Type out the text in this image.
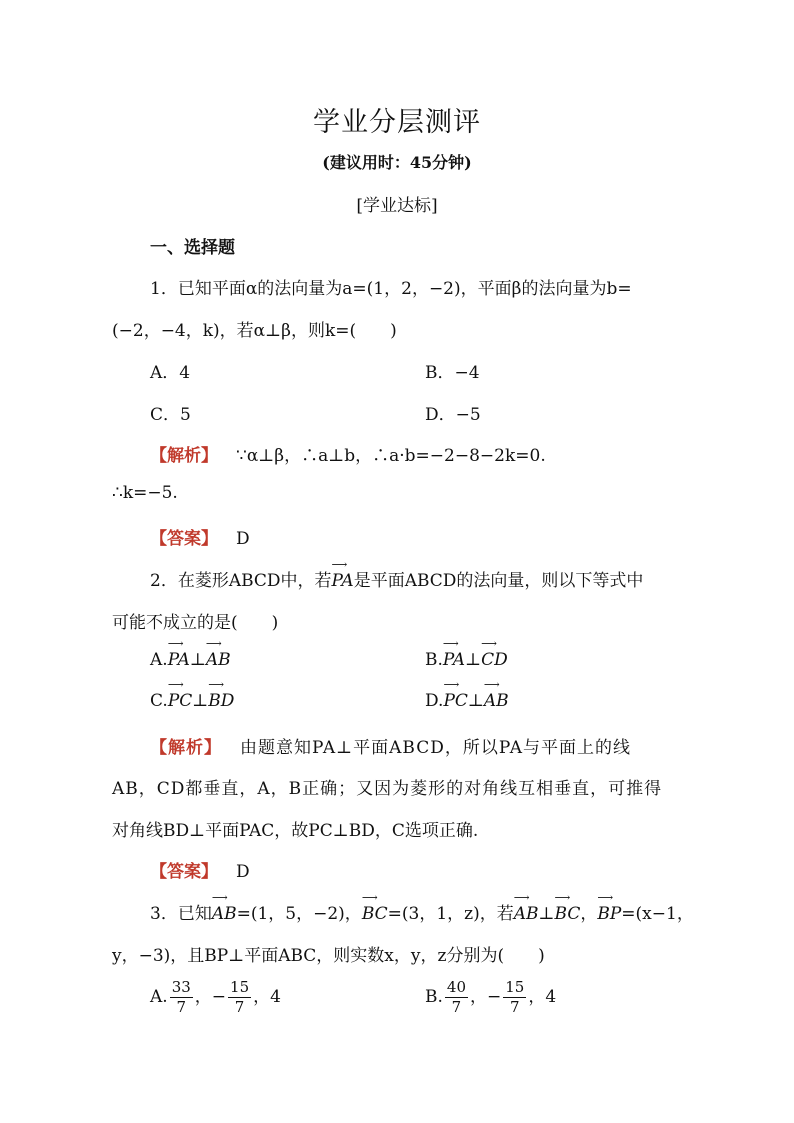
学业分层测评
(建议用时：45分钟)
[学业达标]
一、选择题
1．已知平面α的法向量为a=(1，2，−2)，平面β的法向量为b=
(−2，−4，k)，若α⊥β，则k=(　　)
A．4	B．−4
C．5	D．−5
【解析】 ∵α⊥β，∴a⊥b，∴a·b=−2−8−2k=0.
∴k=−5.
【答案】 D
2．在菱形ABCD中，若⟶ PA是平面ABCD的法向量，则以下等式中
可能不成立的是(　　)
A.⟶ PA⊥⟶ AB	B.⟶ PA⊥⟶ CD
C.⟶ PC⊥⟶ BD	D.⟶ PC⊥⟶ AB
【解析】 由题意知PA⊥平面ABCD，所以PA与平面上的线
AB，CD都垂直，A，B正确；又因为菱形的对角线互相垂直，可推得
对角线BD⊥平面PAC，故PC⊥BD，C选项正确.
【答案】 D
3．已知⟶ AB=(1，5，−2)，⟶ BC=(3，1，z)，若⟶ AB⊥⟶ BC，⟶ BP=(x−1，
y，−3)，且BP⊥平面ABC，则实数x，y，z分别为(　　)
A. $\frac{33}{7}$ ，− $\frac{15}{7}$ ，4	B. $\frac{40}{7}$ ，− $\frac{15}{7}$ ，4
